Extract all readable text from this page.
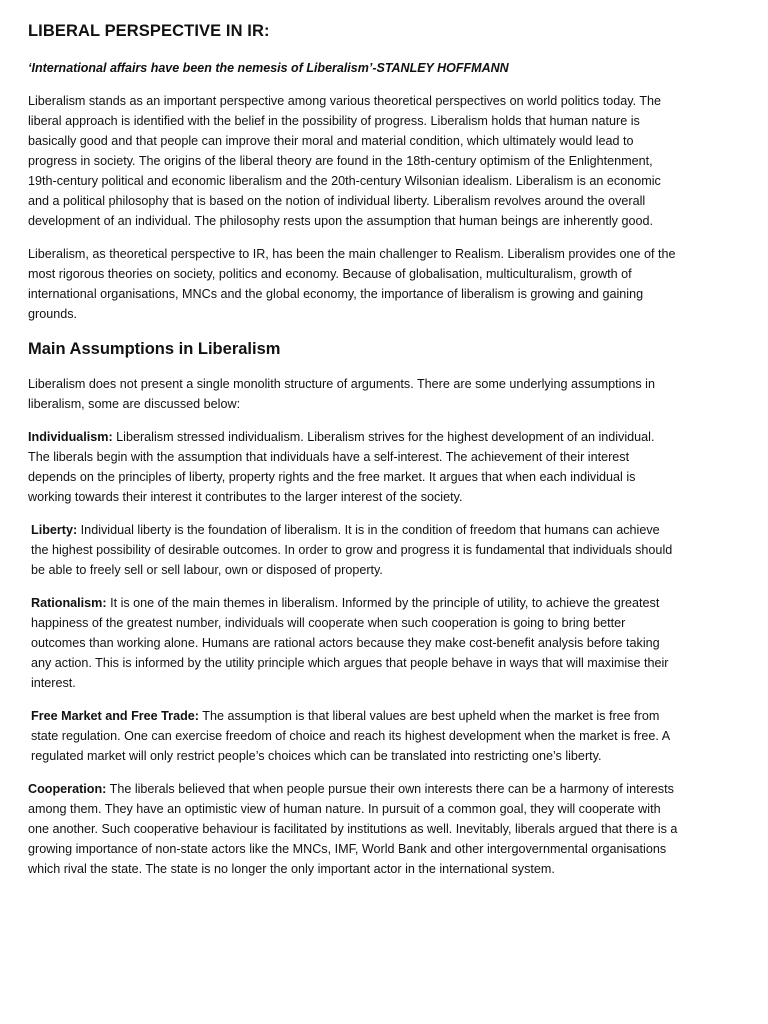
LIBERAL PERSPECTIVE IN IR:
‘International affairs have been the nemesis of Liberalism’-STANLEY HOFFMANN

Liberalism stands as an important perspective among various theoretical perspectives on world politics today. The liberal approach is identified with the belief in the possibility of progress. Liberalism holds that human nature is basically good and that people can improve their moral and material condition, which ultimately would lead to progress in society. The origins of the liberal theory are found in the 18th-century optimism of the Enlightenment, 19th-century political and economic liberalism and the 20th-century Wilsonian idealism. Liberalism is an economic and a political philosophy that is based on the notion of individual liberty. Liberalism revolves around the overall development of an individual. The philosophy rests upon the assumption that human beings are inherently good.

Liberalism, as theoretical perspective to IR, has been the main challenger to Realism. Liberalism provides one of the most rigorous theories on society, politics and economy. Because of globalisation, multiculturalism, growth of international organisations, MNCs and the global economy, the importance of liberalism is growing and gaining grounds.

Main Assumptions in Liberalism

Liberalism does not present a single monolith structure of arguments. There are some underlying assumptions in liberalism, some are discussed below:

Individualism: Liberalism stressed individualism. Liberalism strives for the highest development of an individual. The liberals begin with the assumption that individuals have a self-interest. The achievement of their interest depends on the principles of liberty, property rights and the free market. It argues that when each individual is working towards their interest it contributes to the larger interest of the society.

Liberty: Individual liberty is the foundation of liberalism. It is in the condition of freedom that humans can achieve the highest possibility of desirable outcomes. In order to grow and progress it is fundamental that individuals should be able to freely sell or sell labour, own or disposed of property.

Rationalism: It is one of the main themes in liberalism. Informed by the principle of utility, to achieve the greatest happiness of the greatest number, individuals will cooperate when such cooperation is going to bring better outcomes than working alone. Humans are rational actors because they make cost-benefit analysis before taking any action. This is informed by the utility principle which argues that people behave in ways that will maximise their interest.

Free Market and Free Trade: The assumption is that liberal values are best upheld when the market is free from state regulation. One can exercise freedom of choice and reach its highest development when the market is free. A regulated market will only restrict people’s choices which can be translated into restricting one’s liberty.

Cooperation: The liberals believed that when people pursue their own interests there can be a harmony of interests among them. They have an optimistic view of human nature. In pursuit of a common goal, they will cooperate with one another. Such cooperative behaviour is facilitated by institutions as well. Inevitably, liberals argued that there is a growing importance of non-state actors like the MNCs, IMF, World Bank and other intergovernmental organisations which rival the state. The state is no longer the only important actor in the international system.
